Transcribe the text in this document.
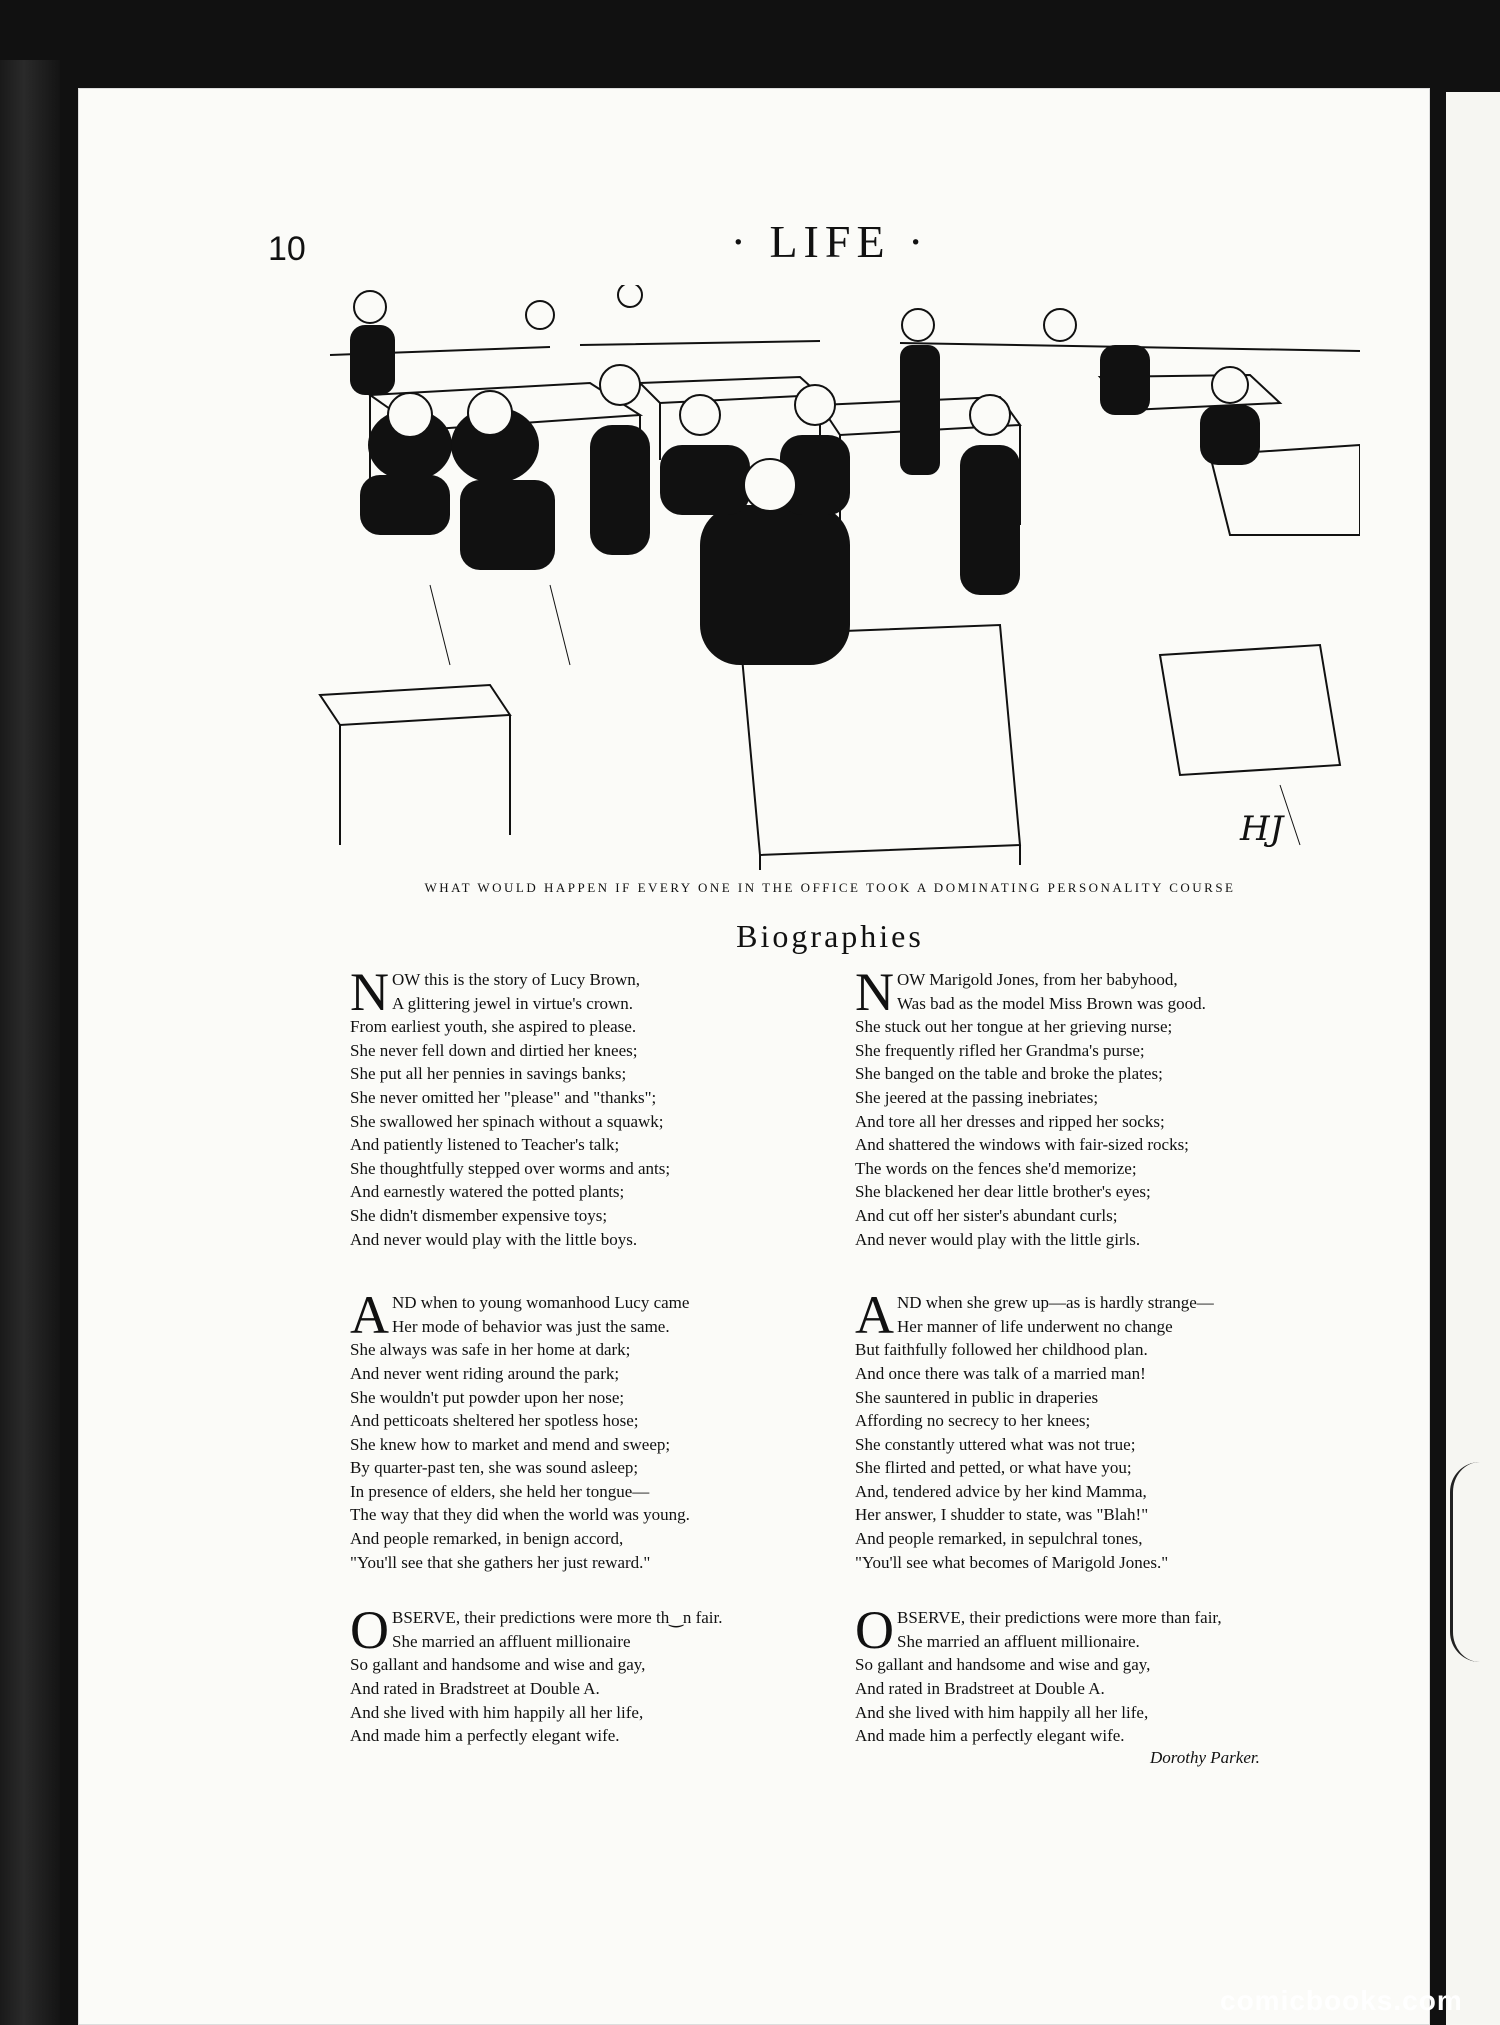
10	· LIFE ·
HJ
WHAT WOULD HAPPEN IF EVERY ONE IN THE OFFICE TOOK A DOMINATING PERSONALITY COURSE
Biographies
N OW this is the story of Lucy Brown,
A glittering jewel in virtue's crown.
From earliest youth, she aspired to please.
She never fell down and dirtied her knees;
She put all her pennies in savings banks;
She never omitted her "please" and "thanks";
She swallowed her spinach without a squawk;
And patiently listened to Teacher's talk;
She thoughtfully stepped over worms and ants;
And earnestly watered the potted plants;
She didn't dismember expensive toys;
And never would play with the little boys.
A ND when to young womanhood Lucy came
Her mode of behavior was just the same.
She always was safe in her home at dark;
And never went riding around the park;
She wouldn't put powder upon her nose;
And petticoats sheltered her spotless hose;
She knew how to market and mend and sweep;
By quarter-past ten, she was sound asleep;
In presence of elders, she held her tongue—
The way that they did when the world was young.
And people remarked, in benign accord,
"You'll see that she gathers her just reward."
O BSERVE, their predictions were more th‿n fair.
She married an affluent millionaire
So gallant and handsome and wise and gay,
And rated in Bradstreet at Double A.
And she lived with him happily all her life,
And made him a perfectly elegant wife.
N OW Marigold Jones, from her babyhood,
Was bad as the model Miss Brown was good.
She stuck out her tongue at her grieving nurse;
She frequently rifled her Grandma's purse;
She banged on the table and broke the plates;
She jeered at the passing inebriates;
And tore all her dresses and ripped her socks;
And shattered the windows with fair-sized rocks;
The words on the fences she'd memorize;
She blackened her dear little brother's eyes;
And cut off her sister's abundant curls;
And never would play with the little girls.
A ND when she grew up—as is hardly strange—
Her manner of life underwent no change
But faithfully followed her childhood plan.
And once there was talk of a married man!
She sauntered in public in draperies
Affording no secrecy to her knees;
She constantly uttered what was not true;
She flirted and petted, or what have you;
And, tendered advice by her kind Mamma,
Her answer, I shudder to state, was "Blah!"
And people remarked, in sepulchral tones,
"You'll see what becomes of Marigold Jones."
O BSERVE, their predictions were more than fair,
She married an affluent millionaire.
So gallant and handsome and wise and gay,
And rated in Bradstreet at Double A.
And she lived with him happily all her life,
And made him a perfectly elegant wife.
Dorothy Parker.
comicbooks.com
